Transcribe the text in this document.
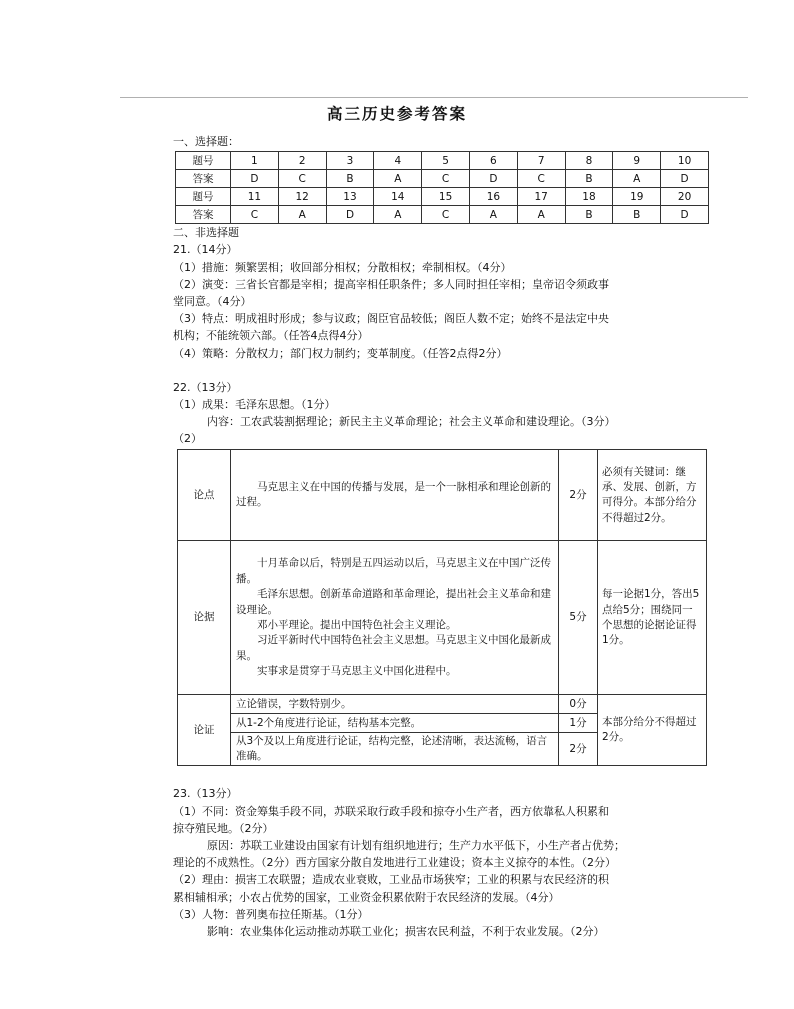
高三历史参考答案
一、选择题：
题号	1	2	3	4	5	6	7	8	9	10
答案	D	C	B	A	C	D	C	B	A	D
题号	11	12	13	14	15	16	17	18	19	20
答案	C	A	D	A	C	A	A	B	B	D
二、非选择题
21.（14分）
（1）措施：频繁罢相；收回部分相权；分散相权；牵制相权。（4分）
（2）演变：三省长官都是宰相；提高宰相任职条件；多人同时担任宰相；皇帝诏令须政事
堂同意。（4分）
（3）特点：明成祖时形成；参与议政；阁臣官品较低；阁臣人数不定；始终不是法定中央
机构；不能统领六部。（任答4点得4分）
（4）策略：分散权力；部门权力制约；变革制度。（任答2点得2分）
22.（13分）
（1）成果：毛泽东思想。（1分）
内容：工农武装割据理论；新民主主义革命理论；社会主义革命和建设理论。（3分）
（2）
论点	马克思主义在中国的传播与发展，是一个一脉相承和理论创新的过程。	2分	必须有关键词：继承、发展、创新，方可得分。本部分给分不得超过2分。
论据	十月革命以后，特别是五四运动以后，马克思主义在中国广泛传播。
毛泽东思想。创新革命道路和革命理论，提出社会主义革命和建设理论。
邓小平理论。提出中国特色社会主义理论。
习近平新时代中国特色社会主义思想。马克思主义中国化最新成果。
实事求是贯穿于马克思主义中国化进程中。	5分	每一论据1分，答出5点给5分；围绕同一个思想的论据论证得1分。
论证	立论错误，字数特别少。	0分	本部分给分不得超过2分。
	从1-2个角度进行论证，结构基本完整。	1分	
	从3个及以上角度进行论证，结构完整，论述清晰，表达流畅，语言准确。	2分	
23.（13分）
（1）不同：资金筹集手段不同，苏联采取行政手段和掠夺小生产者，西方依靠私人积累和
掠夺殖民地。（2分）
原因：苏联工业建设由国家有计划有组织地进行；生产力水平低下，小生产者占优势；
理论的不成熟性。（2分）西方国家分散自发地进行工业建设；资本主义掠夺的本性。（2分）
（2）理由：损害工农联盟；造成农业衰败，工业品市场狭窄；工业的积累与农民经济的积
累相辅相承；小农占优势的国家，工业资金积累依附于农民经济的发展。（4分）
（3）人物：普列奥布拉任斯基。（1分）
影响：农业集体化运动推动苏联工业化；损害农民利益，不利于农业发展。（2分）
